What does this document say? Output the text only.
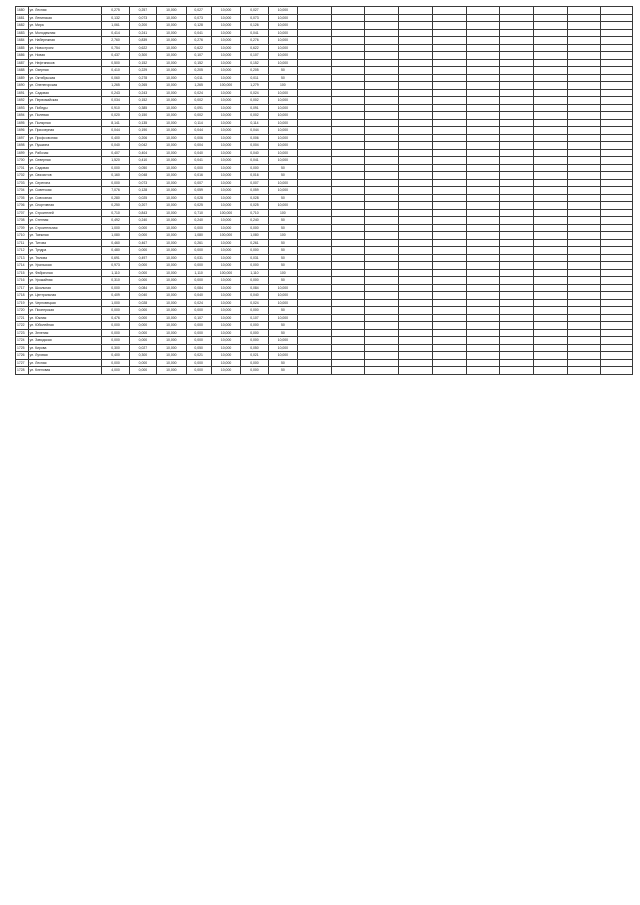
1680	ул. Лесная	0,275	0,257	10,000	0,027	10,000	0,027	10,000										
1681	ул. Ленинская	0,132	0,073	10,000	0,073	10,000	0,073	10,000										
1682	ул. Мира	1,061	0,200	10,000	0,128	10,000	0,126	10,000										
1683	ул. Молодежная	0,414	0,241	10,000	0,041	10,000	0,041	10,000										
1684	ул. Набережная	2,760	0,839	10,000	0,276	10,000	0,276	10,000										
1685	ул. Новостроек	0,754	0,622	10,000	0,622	10,000	0,622	10,000										
1686	ул. Новая	0,437	0,300	10,000	0,107	10,000	0,107	10,000										
1687	ул. Нефтяников	0,500	0,152	10,000	0,152	10,000	0,152	10,000										
1688	ул. Озерная	0,410	0,229	10,000	0,205	10,000	0,205	50										
1689	ул. Октябрьская	0,060	0,278	10,000	0,011	10,000	0,011	50										
1690	ул. Оленегорская	1,265	0,265	10,000	1,265	100,000	1,279	100										
1691	ул. Садовая	0,243	0,243	10,000	0,024	10,000	0,024	10,000										
1692	ул. Первомайская	0,034	0,152	10,000	0,002	10,000	0,002	10,000										
1693	ул. Победы	0,910	0,385	10,000	0,091	10,000	0,091	10,000										
1694	ул. Полевая	0,020	0,150	10,000	0,002	10,000	0,002	10,000										
1695	ул. Полярная	8,141	0,135	10,000	0,114	10,000	0,114	10,000										
1696	ул. Приозерная	0,044	0,190	10,000	0,044	10,000	0,044	10,000										
1697	ул. Профсоюзная	0,400	0,206	10,000	0,006	10,000	0,006	10,000										
1698	ул. Пушкина	0,040	0,042	10,000	0,004	10,000	0,004	10,000										
1699	ул. Рабочая	0,407	0,404	10,000	0,040	10,000	0,040	10,000										
1700	ул. Северная	1,520	0,410	10,000	0,041	10,000	0,041	10,000										
1701	ул. Садовая	0,000	0,050	10,000	0,000	10,000	0,000	50										
1702	ул. Связистов	0,160	0,048	10,000	0,016	10,000	0,016	50										
1703	ул. Серегина	0,000	0,073	10,000	0,007	10,000	0,007	10,000										
1704	ул. Советская	7,076	0,128	10,000	0,059	10,000	0,059	10,000										
1705	ул. Совхозная	0,280	0,025	10,000	0,028	10,000	0,028	50										
1706	ул. Спортивная	0,250	0,207	10,000	0,025	10,000	0,025	10,000										
1707	ул. Строителей	0,710	0,843	10,000	0,710	100,000	0,710	100										
1708	ул. Степная	0,492	0,240	10,000	0,240	10,000	0,240	50										
1709	ул. Строительная	1,000	0,000	10,000	0,000	10,000	0,000	50										
1710	ул. Таежная	1,080	0,000	10,000	1,080	100,000	1,080	100										
1711	ул. Титова	0,460	0,467	10,000	0,261	10,000	0,261	50										
1712	ул. Тундра	0,480	0,000	10,000	0,000	10,000	0,000	50										
1713	ул. Тюлова	0,691	0,497	10,000	0,031	10,000	0,031	50										
1714	ул. Уральская	0,973	0,000	10,000	0,000	10,000	0,000	50										
1715	ул. Фабричная	1,110	0,000	10,000	1,110	100,000	1,110	100										
1716	ул. Урожайная	0,310	0,000	10,000	0,000	10,000	0,000	50										
1717	ул. Школьная	0,000	0,084	10,000	0,084	10,000	0,084	10,000										
1718	ул. Центральная	0,409	0,040	10,000	0,040	10,000	0,040	10,000										
1719	ул. Черновецкая	1,000	0,028	10,000	0,024	10,000	0,024	10,000										
1720	ул. Пионерская	0,000	0,000	10,000	0,000	10,000	0,000	50										
1721	ул. Южная	0,476	0,000	10,000	0,107	10,000	0,107	10,000										
1722	ул. Юбилейная	0,000	0,000	10,000	0,000	10,000	0,000	50										
1723	ул. Зеленая	0,000	0,000	10,000	0,000	10,000	0,000	50										
1724	ул. Заводская	0,000	0,000	10,000	0,000	10,000	0,000	10,000										
1725	ул. Кирова	0,300	0,027	10,000	0,050	10,000	0,050	10,000										
1726	ул. Луговая	0,400	0,300	10,000	0,021	10,000	0,021	10,000										
1727	ул. Лесная	0,000	0,000	10,000	0,000	10,000	0,000	50										
1728	ул. Кленовая	4,000	0,000	10,000	0,000	10,000	0,000	50										
